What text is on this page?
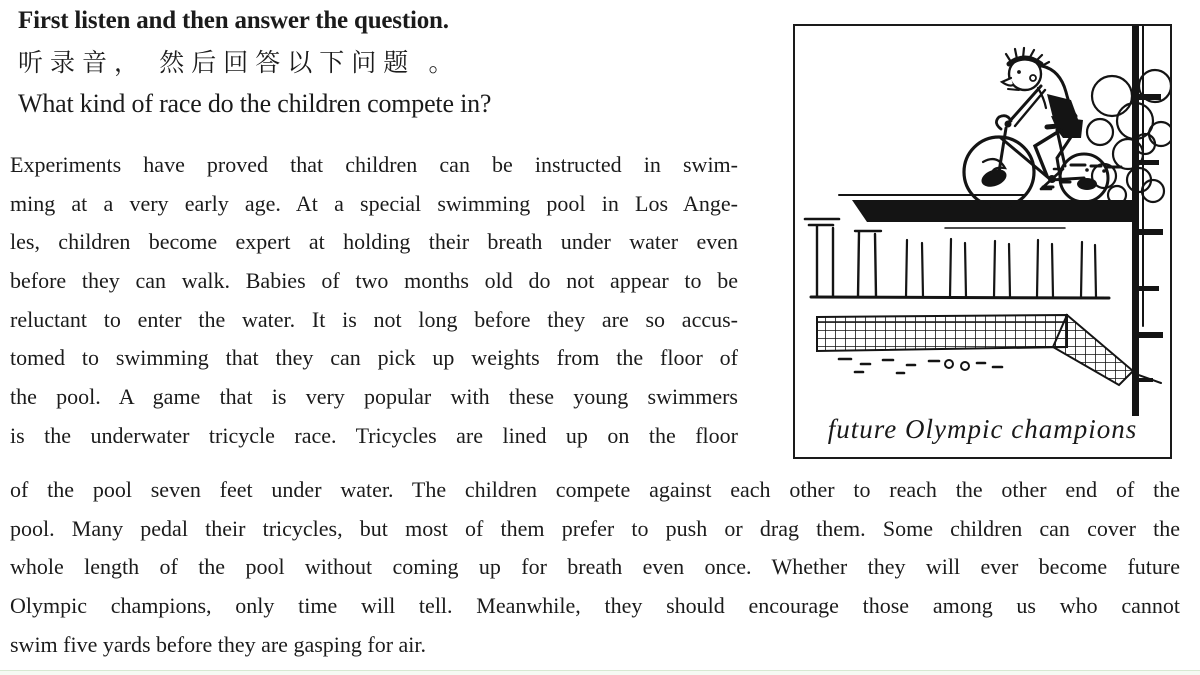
First listen and then answer the question.
听录音， 然后回答以下问题 。
What kind of race do the children compete in?
Experiments have proved that children can be instructed in swim-
ming at a very early age. At a special swimming pool in Los Ange-
les, children become expert at holding their breath under water even
before they can walk. Babies of two months old do not appear to be
reluctant to enter the water. It is not long before they are so accus-
tomed to swimming that they can pick up weights from the floor of
the pool. A game that is very popular with these young swimmers
is the underwater tricycle race. Tricycles are lined up on the floor
of the pool seven feet under water. The children compete against each other to reach the other end of the
pool. Many pedal their tricycles, but most of them prefer to push or drag them. Some children can cover the
whole length of the pool without coming up for breath even once. Whether they will ever become future
Olympic champions, only time will tell. Meanwhile, they should encourage those among us who cannot
swim five yards before they are gasping for air.
future Olympic champions
